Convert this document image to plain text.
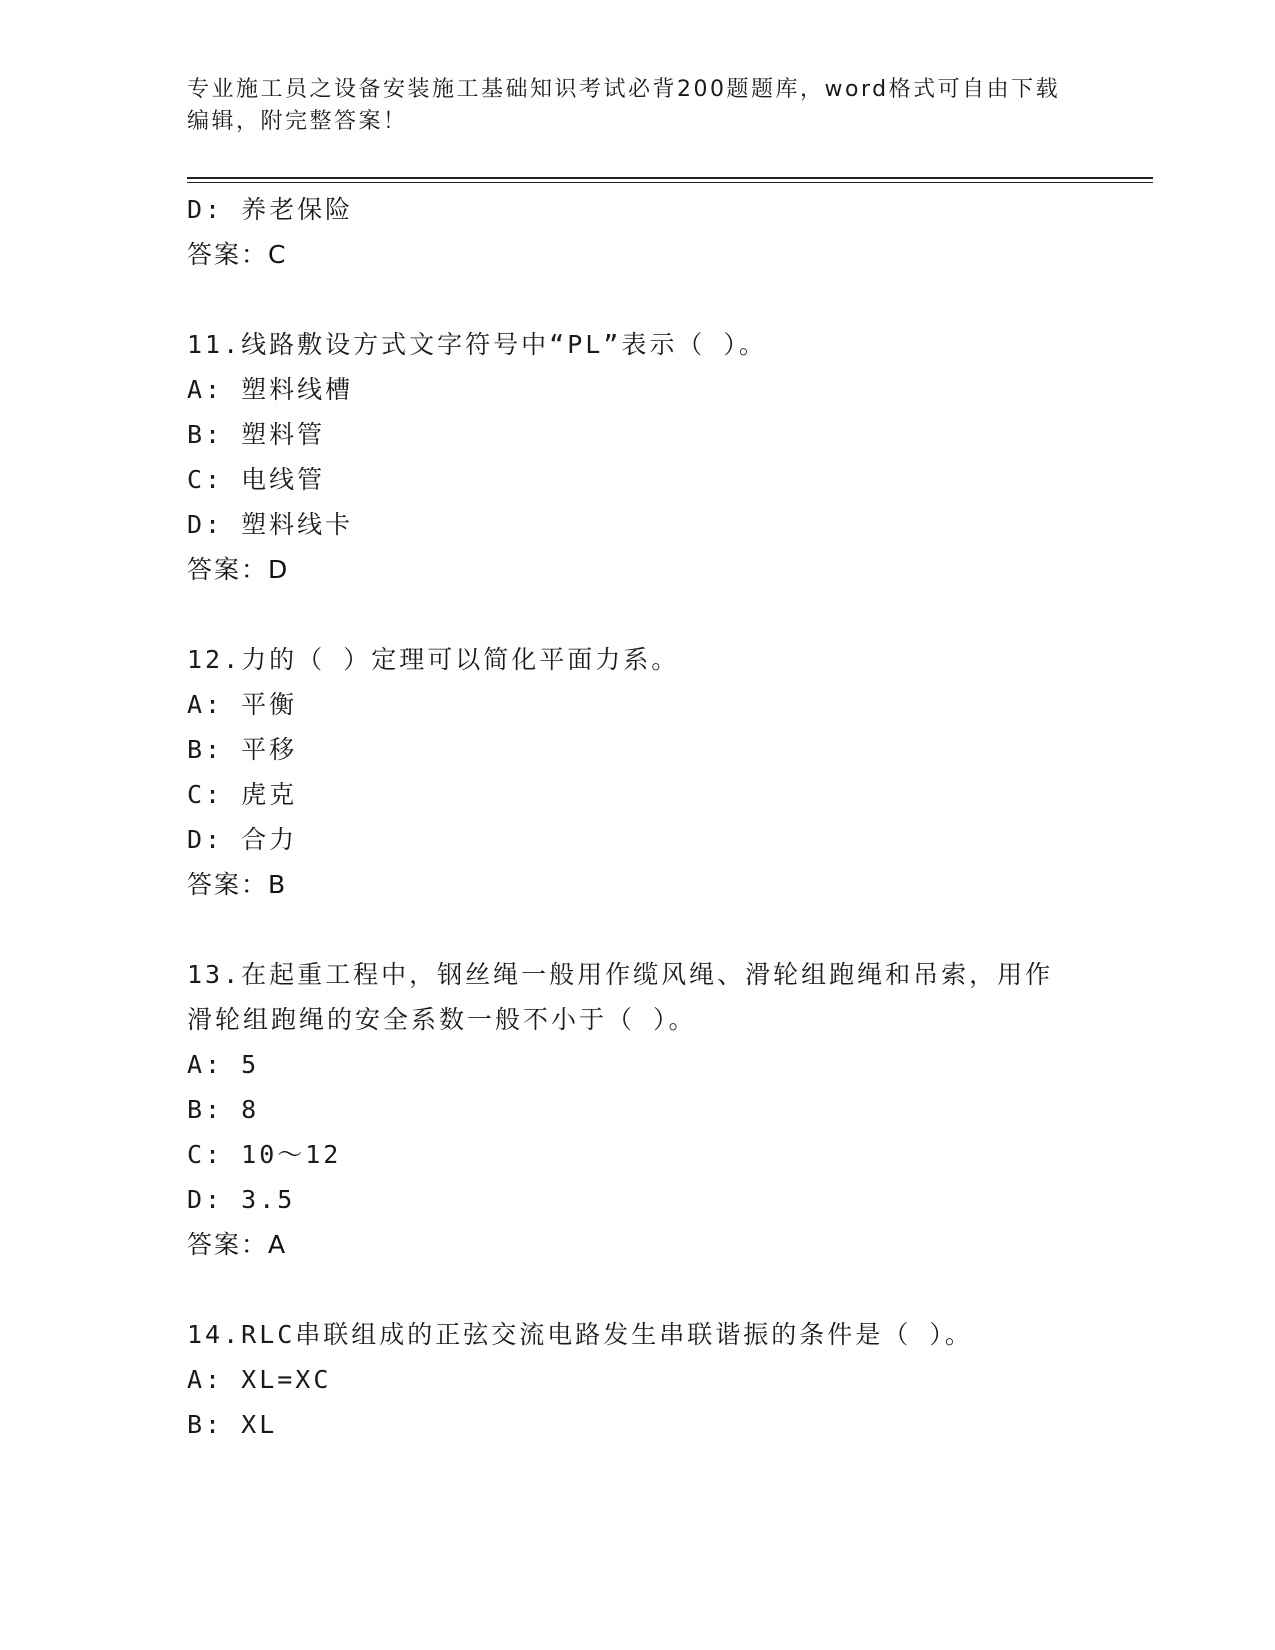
专业施工员之设备安装施工基础知识考试必背200题题库，word格式可自由下载编辑，附完整答案！
D: 养老保险
答案：C
11.线路敷设方式文字符号中“PL”表示（ ）。
A: 塑料线槽
B: 塑料管
C: 电线管
D: 塑料线卡
答案：D
12.力的（ ）定理可以简化平面力系。
A: 平衡
B: 平移
C: 虎克
D: 合力
答案：B
13.在起重工程中，钢丝绳一般用作缆风绳、滑轮组跑绳和吊索，用作滑轮组跑绳的安全系数一般不小于（ ）。
A: 5
B: 8
C: 10～12
D: 3.5
答案：A
14.RLC串联组成的正弦交流电路发生串联谐振的条件是（ ）。
A: XL=XC
B: XL
